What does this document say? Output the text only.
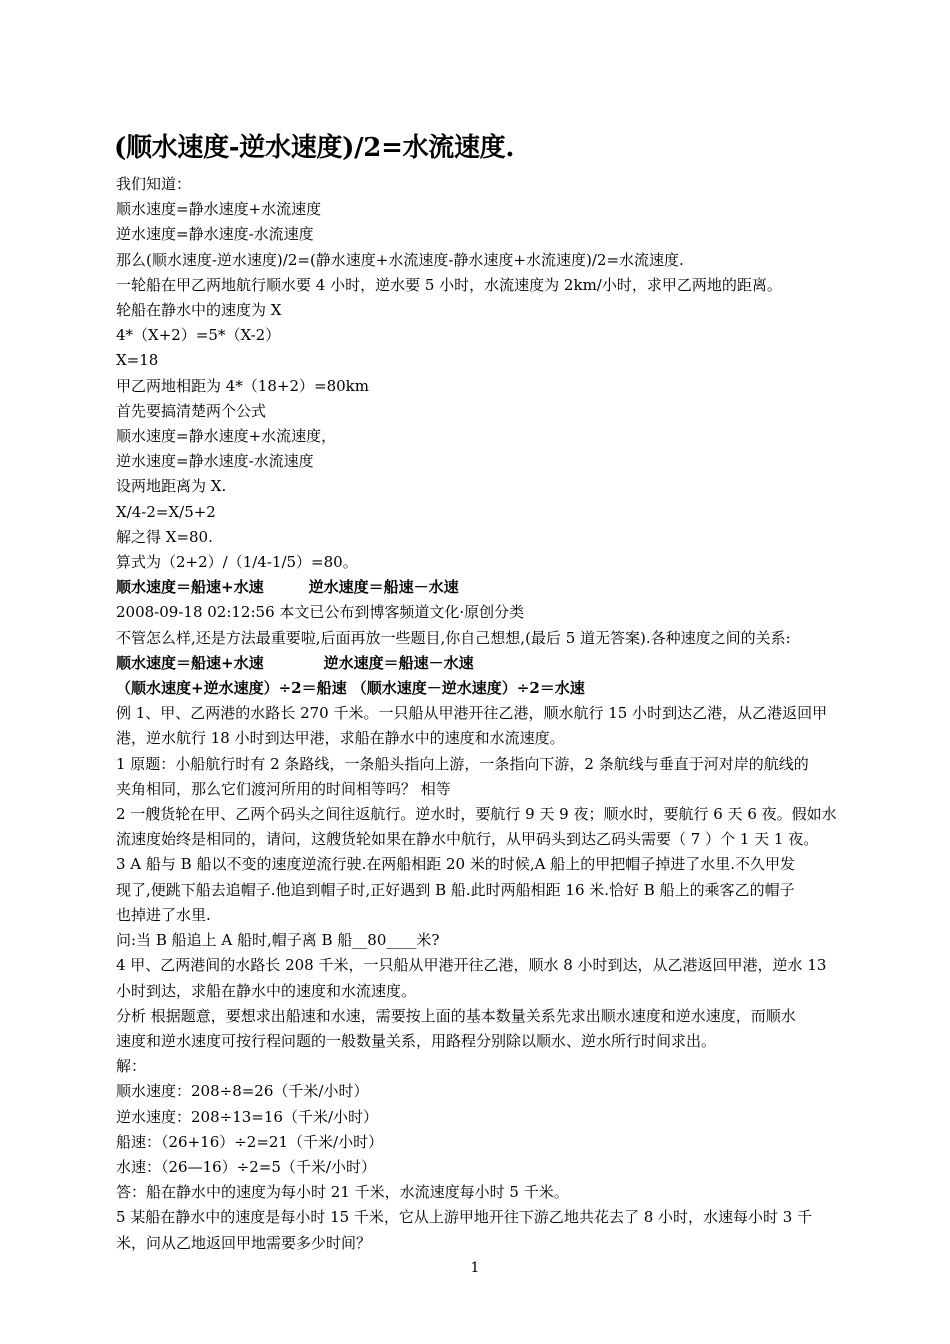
(顺水速度-逆水速度)/2=水流速度.
我们知道：
顺水速度=静水速度+水流速度
逆水速度=静水速度-水流速度
那么(顺水速度-逆水速度)/2=(静水速度+水流速度-静水速度+水流速度)/2=水流速度.
一轮船在甲乙两地航行顺水要 4 小时，逆水要 5 小时，水流速度为 2km/小时，求甲乙两地的距离。
轮船在静水中的速度为 X
4*（X+2）=5*（X-2）
X=18
甲乙两地相距为 4*（18+2）=80km
首先要搞清楚两个公式
顺水速度=静水速度+水流速度，
逆水速度=静水速度-水流速度
设两地距离为 X.
X/4-2=X/5+2
解之得 X=80.
算式为（2+2）/（1/4-1/5）=80。
顺水速度＝船速+水速　　　逆水速度＝船速－水速
2008-09-18 02:12:56 本文已公布到博客频道文化·原创分类
不管怎么样,还是方法最重要啦,后面再放一些题目,你自己想想,(最后 5 道无答案).各种速度之间的关系:
顺水速度＝船速+水速　　　　逆水速度＝船速－水速
（顺水速度+逆水速度）÷2＝船速 （顺水速度－逆水速度）÷2＝水速
例 1、甲、乙两港的水路长 270 千米。一只船从甲港开往乙港，顺水航行 15 小时到达乙港，从乙港返回甲
港，逆水航行 18 小时到达甲港，求船在静水中的速度和水流速度。
1 原题：小船航行时有 2 条路线，一条船头指向上游，一条指向下游，2 条航线与垂直于河对岸的航线的
夹角相同，那么它们渡河所用的时间相等吗？ 相等
2 一艘货轮在甲、乙两个码头之间往返航行。逆水时，要航行 9 天 9 夜；顺水时，要航行 6 天 6 夜。假如水
流速度始终是相同的，请问，这艘货轮如果在静水中航行，从甲码头到达乙码头需要（ 7 ）个 1 天 1 夜。
3 A 船与 B 船以不变的速度逆流行驶.在两船相距 20 米的时候,A 船上的甲把帽子掉进了水里.不久甲发
现了,便跳下船去追帽子.他追到帽子时,正好遇到 B 船.此时两船相距 16 米.恰好 B 船上的乘客乙的帽子
也掉进了水里.
问:当 B 船追上 A 船时,帽子离 B 船__80____米?
4 甲、乙两港间的水路长 208 千米，一只船从甲港开往乙港，顺水 8 小时到达，从乙港返回甲港，逆水 13
小时到达，求船在静水中的速度和水流速度。
分析 根据题意，要想求出船速和水速，需要按上面的基本数量关系先求出顺水速度和逆水速度，而顺水
速度和逆水速度可按行程问题的一般数量关系，用路程分别除以顺水、逆水所行时间求出。
解：
顺水速度：208÷8=26（千米/小时）
逆水速度：208÷13=16（千米/小时）
船速：（26+16）÷2=21（千米/小时）
水速：（26—16）÷2=5（千米/小时）
答：船在静水中的速度为每小时 21 千米，水流速度每小时 5 千米。
5 某船在静水中的速度是每小时 15 千米，它从上游甲地开往下游乙地共花去了 8 小时，水速每小时 3 千
米，问从乙地返回甲地需要多少时间？
1
